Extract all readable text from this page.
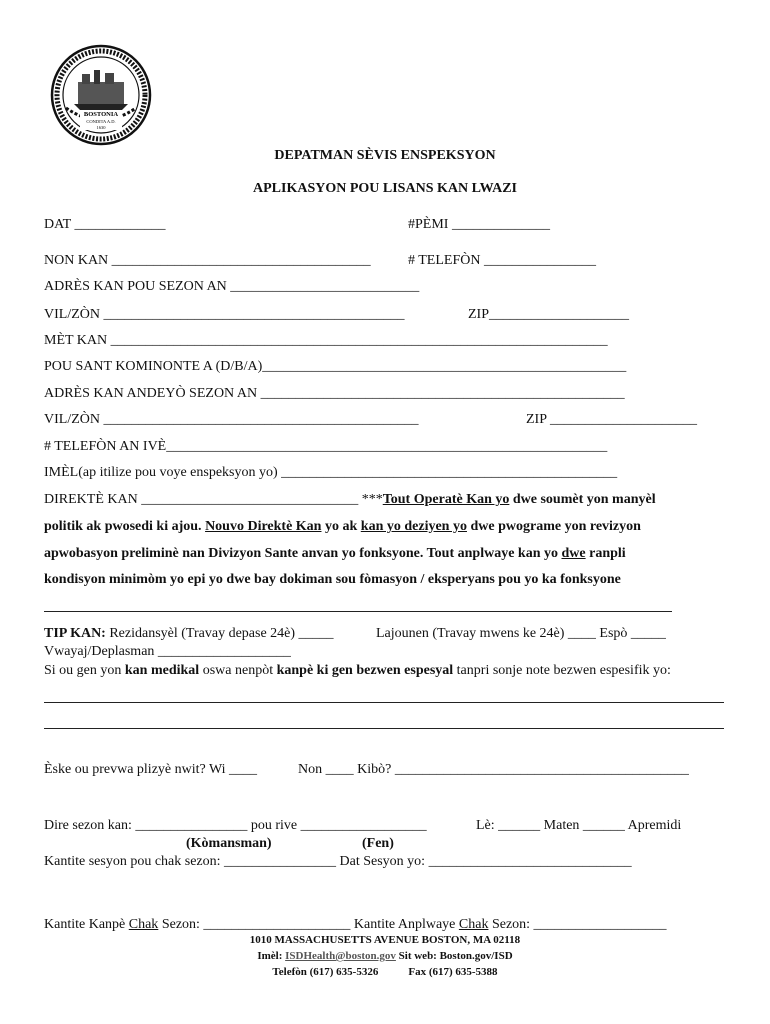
BOSTONIA
CONDITA A.D.
1630
DEPATMAN SÈVIS ENSPEKSYON
APLIKASYON POU LISANS KAN LWAZI
DAT _____________	#PÈMI ______________
NON KAN _____________________________________	# TELEFÒN ________________
ADRÈS KAN POU SEZON AN ___________________________
VIL/ZÒN ___________________________________________	ZIP____________________
MÈT KAN _______________________________________________________________________
POU SANT KOMINONTE A (D/B/A)____________________________________________________
ADRÈS KAN ANDEYÒ SEZON AN ____________________________________________________
VIL/ZÒN _____________________________________________	ZIP _____________________
# TELEFÒN AN IVÈ_______________________________________________________________
IMÈL(ap itilize pou voye enspeksyon yo) ________________________________________________
DIREKTÈ KAN _______________________________ ***Tout Operatè Kan yo dwe soumèt yon manyèl
politik ak pwosedi ki ajou. Nouvo Direktè Kan yo ak kan yo deziyen yo dwe pwograme yon revizyon
apwobasyon preliminè nan Divizyon Sante anvan yo fonksyone. Tout anplwaye kan yo dwe ranpli
kondisyon minimòm yo epi yo dwe bay dokiman sou fòmasyon / eksperyans pou yo ka fonksyone
TIP KAN: Rezidansyèl (Travay depase 24è) _____	Lajounen (Travay mwens ke 24è) ____ Espò _____
Vwayaj/Deplasman ___________________
Si ou gen yon kan medikal oswa nenpòt kanpè ki gen bezwen espesyal tanpri sonje note bezwen espesifik yo:
Èske ou prevwa plizyè nwit? Wi ____	Non ____ Kibò? __________________________________________
Dire sezon kan: ________________ pou rive __________________	Lè: ______ Maten ______ Apremidi
(Kòmansman)	(Fen)
Kantite sesyon pou chak sezon: ________________ Dat Sesyon yo: _____________________________
Kantite Kanpè Chak Sezon: _____________________ Kantite Anplwaye Chak Sezon: ___________________
1010 MASSACHUSETTS AVENUE BOSTON, MA 02118
Imèl: ISDHealth@boston.gov Sit web: Boston.gov/ISD
Telefòn (617) 635-5326	Fax (617) 635-5388
